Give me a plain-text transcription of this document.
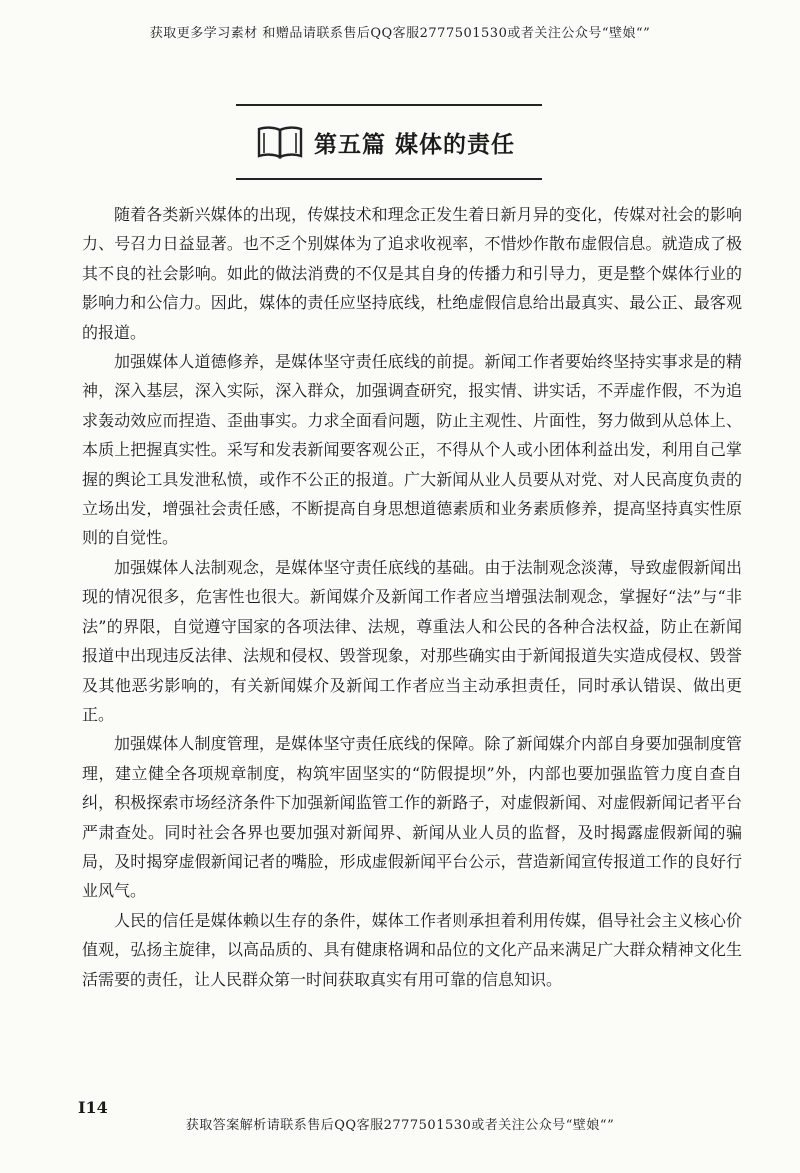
获取更多学习素材 和赠品请联系售后QQ客服2777501530或者关注公众号“壁娘“”
第五篇 媒体的责任

随着各类新兴媒体的出现，传媒技术和理念正发生着日新月异的变化，传媒对社会的影响力、号召力日益显著。也不乏个别媒体为了追求收视率，不惜炒作散布虚假信息。就造成了极其不良的社会影响。如此的做法消费的不仅是其自身的传播力和引导力，更是整个媒体行业的影响力和公信力。因此，媒体的责任应坚持底线，杜绝虚假信息给出最真实、最公正、最客观的报道。

加强媒体人道德修养，是媒体坚守责任底线的前提。新闻工作者要始终坚持实事求是的精神，深入基层，深入实际，深入群众，加强调查研究，报实情、讲实话，不弄虚作假，不为追求轰动效应而捏造、歪曲事实。力求全面看问题，防止主观性、片面性，努力做到从总体上、本质上把握真实性。采写和发表新闻要客观公正，不得从个人或小团体利益出发，利用自己掌握的舆论工具发泄私愤，或作不公正的报道。广大新闻从业人员要从对党、对人民高度负责的立场出发，增强社会责任感，不断提高自身思想道德素质和业务素质修养，提高坚持真实性原则的自觉性。

加强媒体人法制观念，是媒体坚守责任底线的基础。由于法制观念淡薄，导致虚假新闻出现的情况很多，危害性也很大。新闻媒介及新闻工作者应当增强法制观念，掌握好“法”与“非法”的界限，自觉遵守国家的各项法律、法规，尊重法人和公民的各种合法权益，防止在新闻报道中出现违反法律、法规和侵权、毁誉现象，对那些确实由于新闻报道失实造成侵权、毁誉及其他恶劣影响的，有关新闻媒介及新闻工作者应当主动承担责任，同时承认错误、做出更正。

加强媒体人制度管理，是媒体坚守责任底线的保障。除了新闻媒介内部自身要加强制度管理，建立健全各项规章制度，构筑牢固坚实的“防假提坝”外，内部也要加强监管力度自查自纠，积极探索市场经济条件下加强新闻监管工作的新路子，对虚假新闻、对虚假新闻记者平台严肃查处。同时社会各界也要加强对新闻界、新闻从业人员的监督，及时揭露虚假新闻的骗局，及时揭穿虚假新闻记者的嘴脸，形成虚假新闻平台公示，营造新闻宣传报道工作的良好行业风气。

人民的信任是媒体赖以生存的条件，媒体工作者则承担着利用传媒，倡导社会主义核心价值观，弘扬主旋律，以高品质的、具有健康格调和品位的文化产品来满足广大群众精神文化生活需要的责任，让人民群众第一时间获取真实有用可靠的信息知识。

I14
获取答案解析请联系售后QQ客服2777501530或者关注公众号“壁娘“”
